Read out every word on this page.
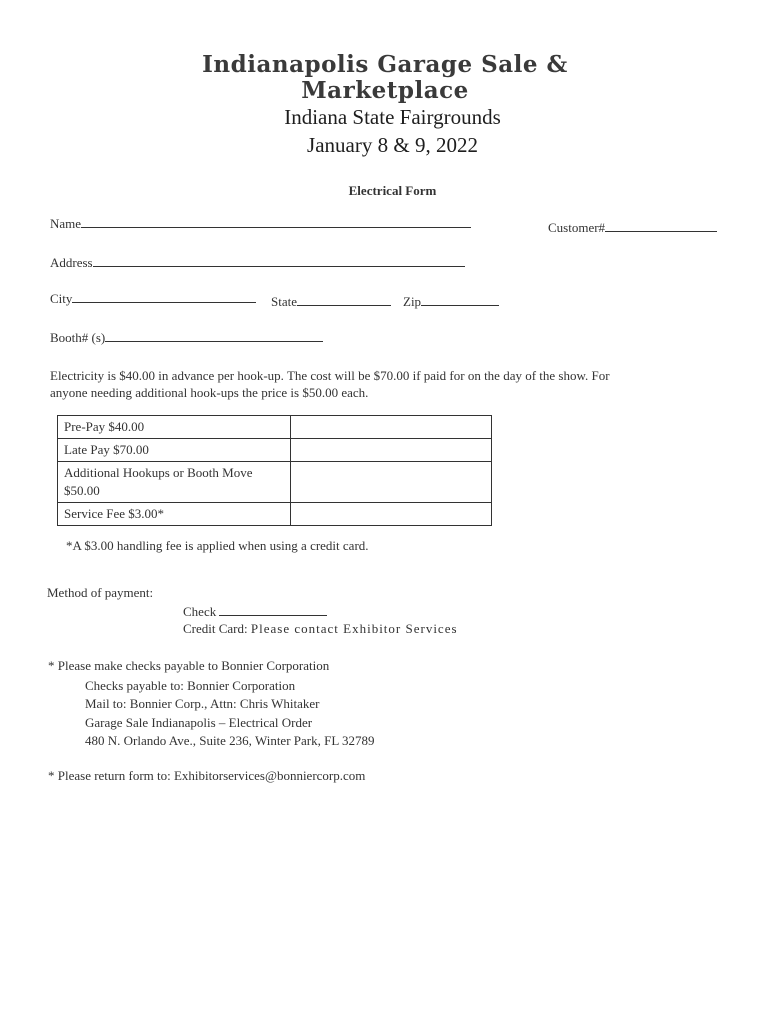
Indianapolis Garage Sale &
Marketplace
Indiana State Fairgrounds
January 8 & 9, 2022
Electrical Form
Name	Customer#
Address
City	State	Zip
Booth# (s)
Electricity is $40.00 in advance per hook-up. The cost will be $70.00 if paid for on the day of the show. For
anyone needing additional hook-ups the price is $50.00 each.
Pre-Pay $40.00	
Late Pay $70.00	
Additional Hookups or Booth Move $50.00	
Service Fee $3.00*	
*A $3.00 handling fee is applied when using a credit card.
Method of payment:
Check
Credit Card: Please contact Exhibitor Services
* Please make checks payable to Bonnier Corporation
Checks payable to: Bonnier Corporation
Mail to: Bonnier Corp., Attn: Chris Whitaker
Garage Sale Indianapolis – Electrical Order
480 N. Orlando Ave., Suite 236, Winter Park, FL 32789
* Please return form to: Exhibitorservices@bonniercorp.com
